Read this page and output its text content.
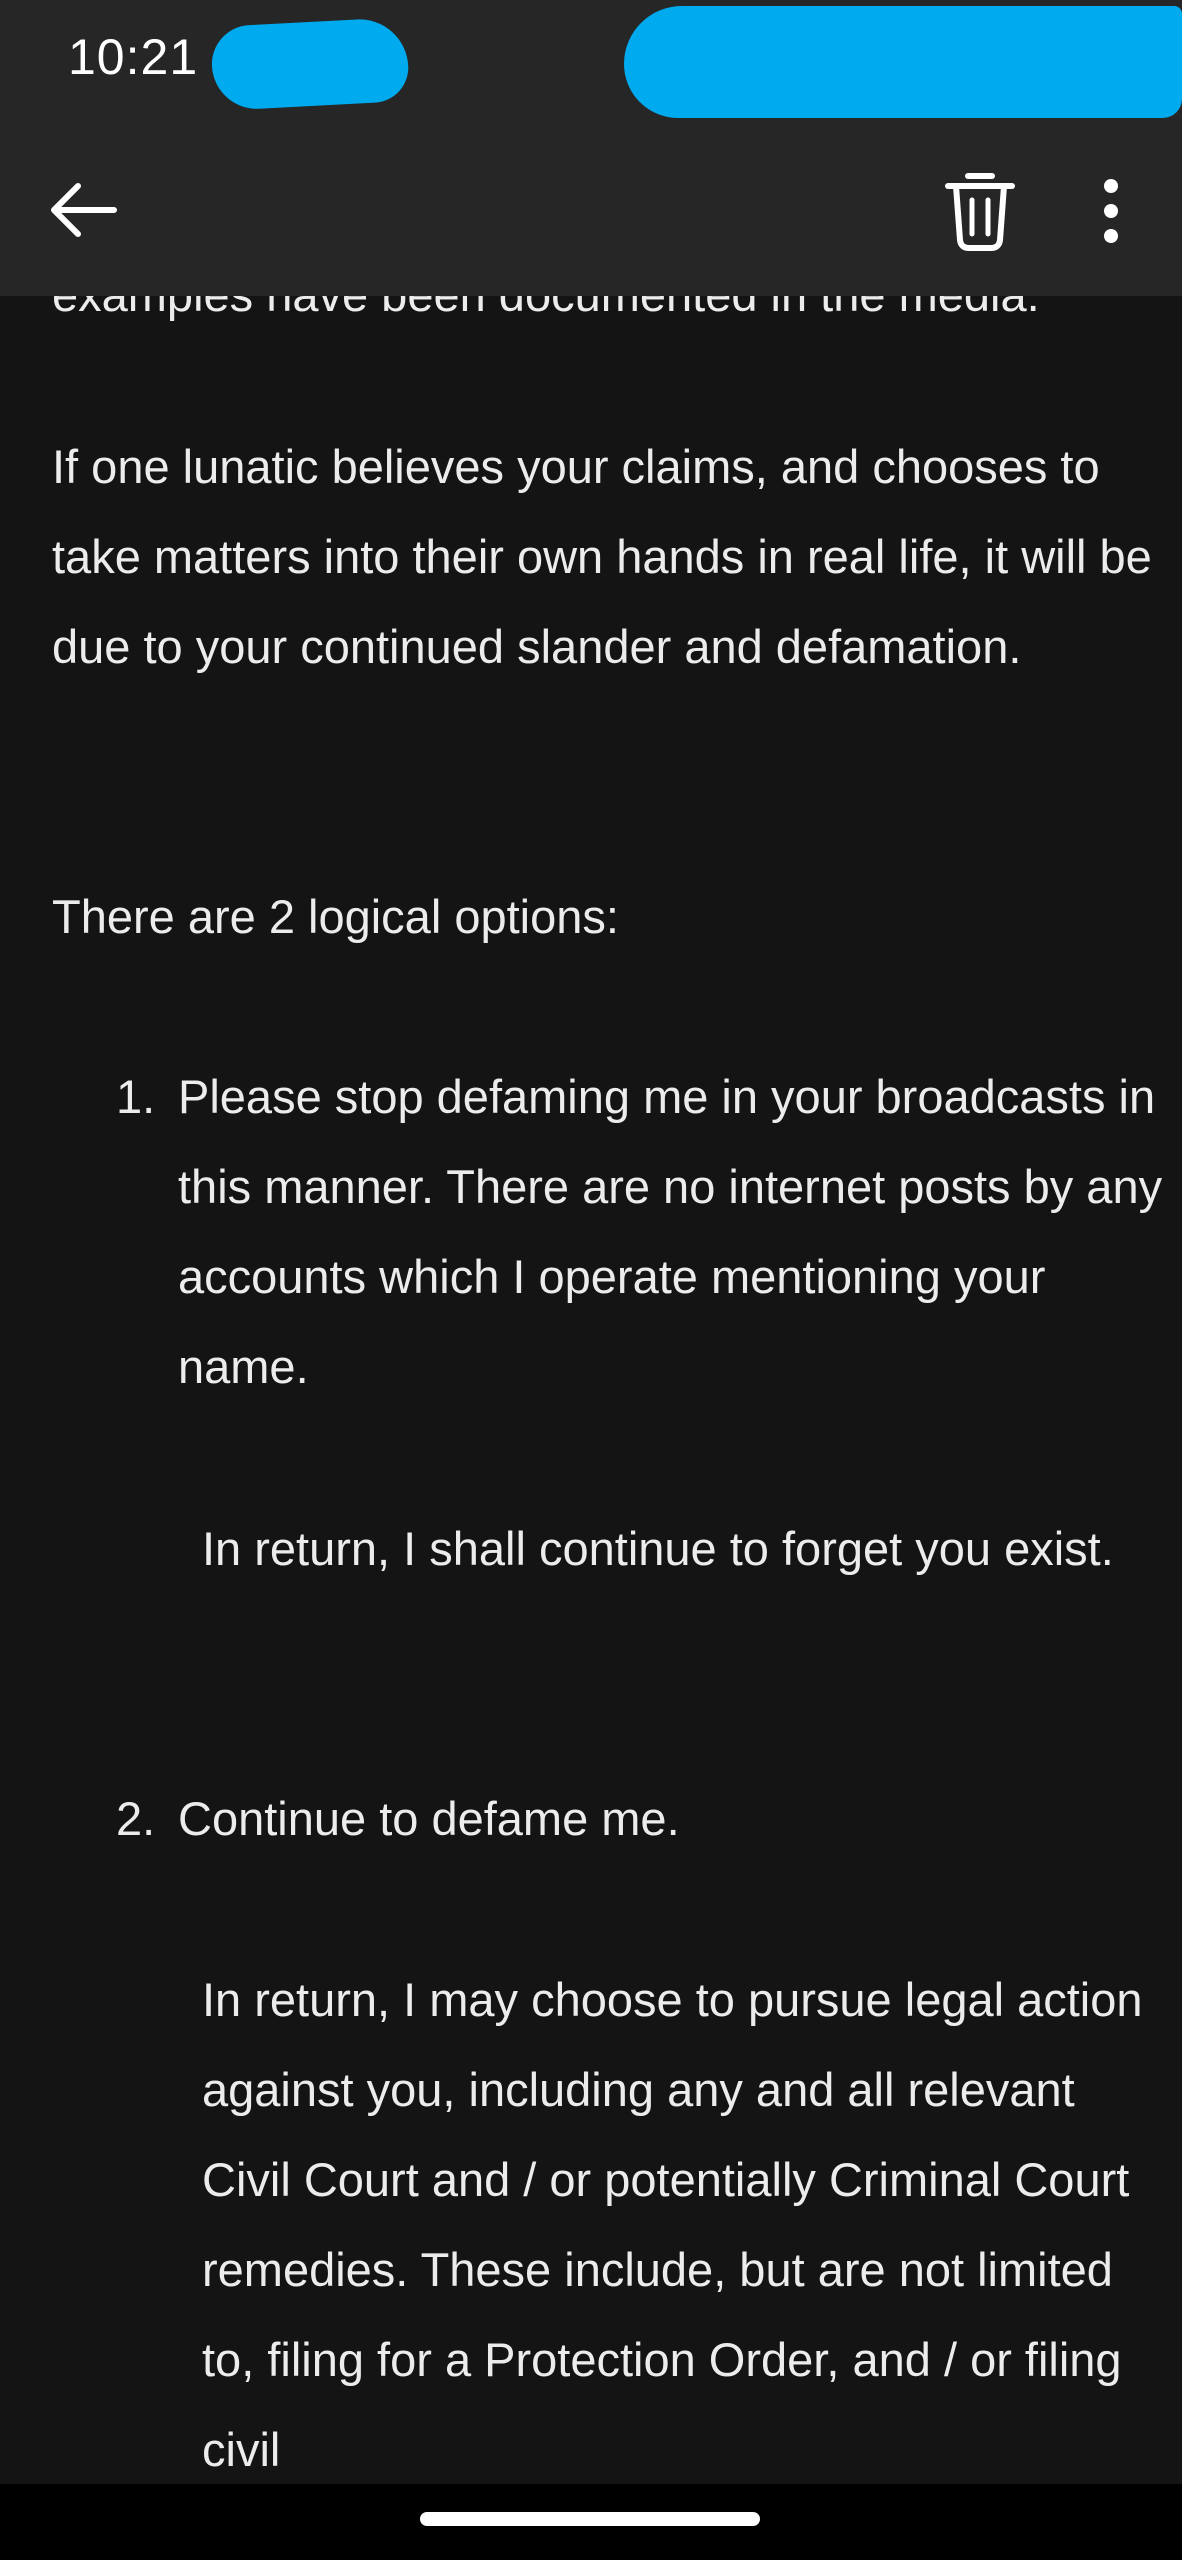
If one lunatic believes your claims, and chooses to take matters into their own hands in real life, it will be due to your continued slander and defamation.

There are 2 logical options:

1. Please stop defaming me in your broadcasts in this manner. There are no internet posts by any accounts which I operate mentioning your name.

In return, I shall continue to forget you exist.

2. Continue to defame me.

In return, I may choose to pursue legal action against you, including any and all relevant Civil Court and / or potentially Criminal Court remedies. These include, but are not limited to, filing for a Protection Order, and / or filing civil

10:21
